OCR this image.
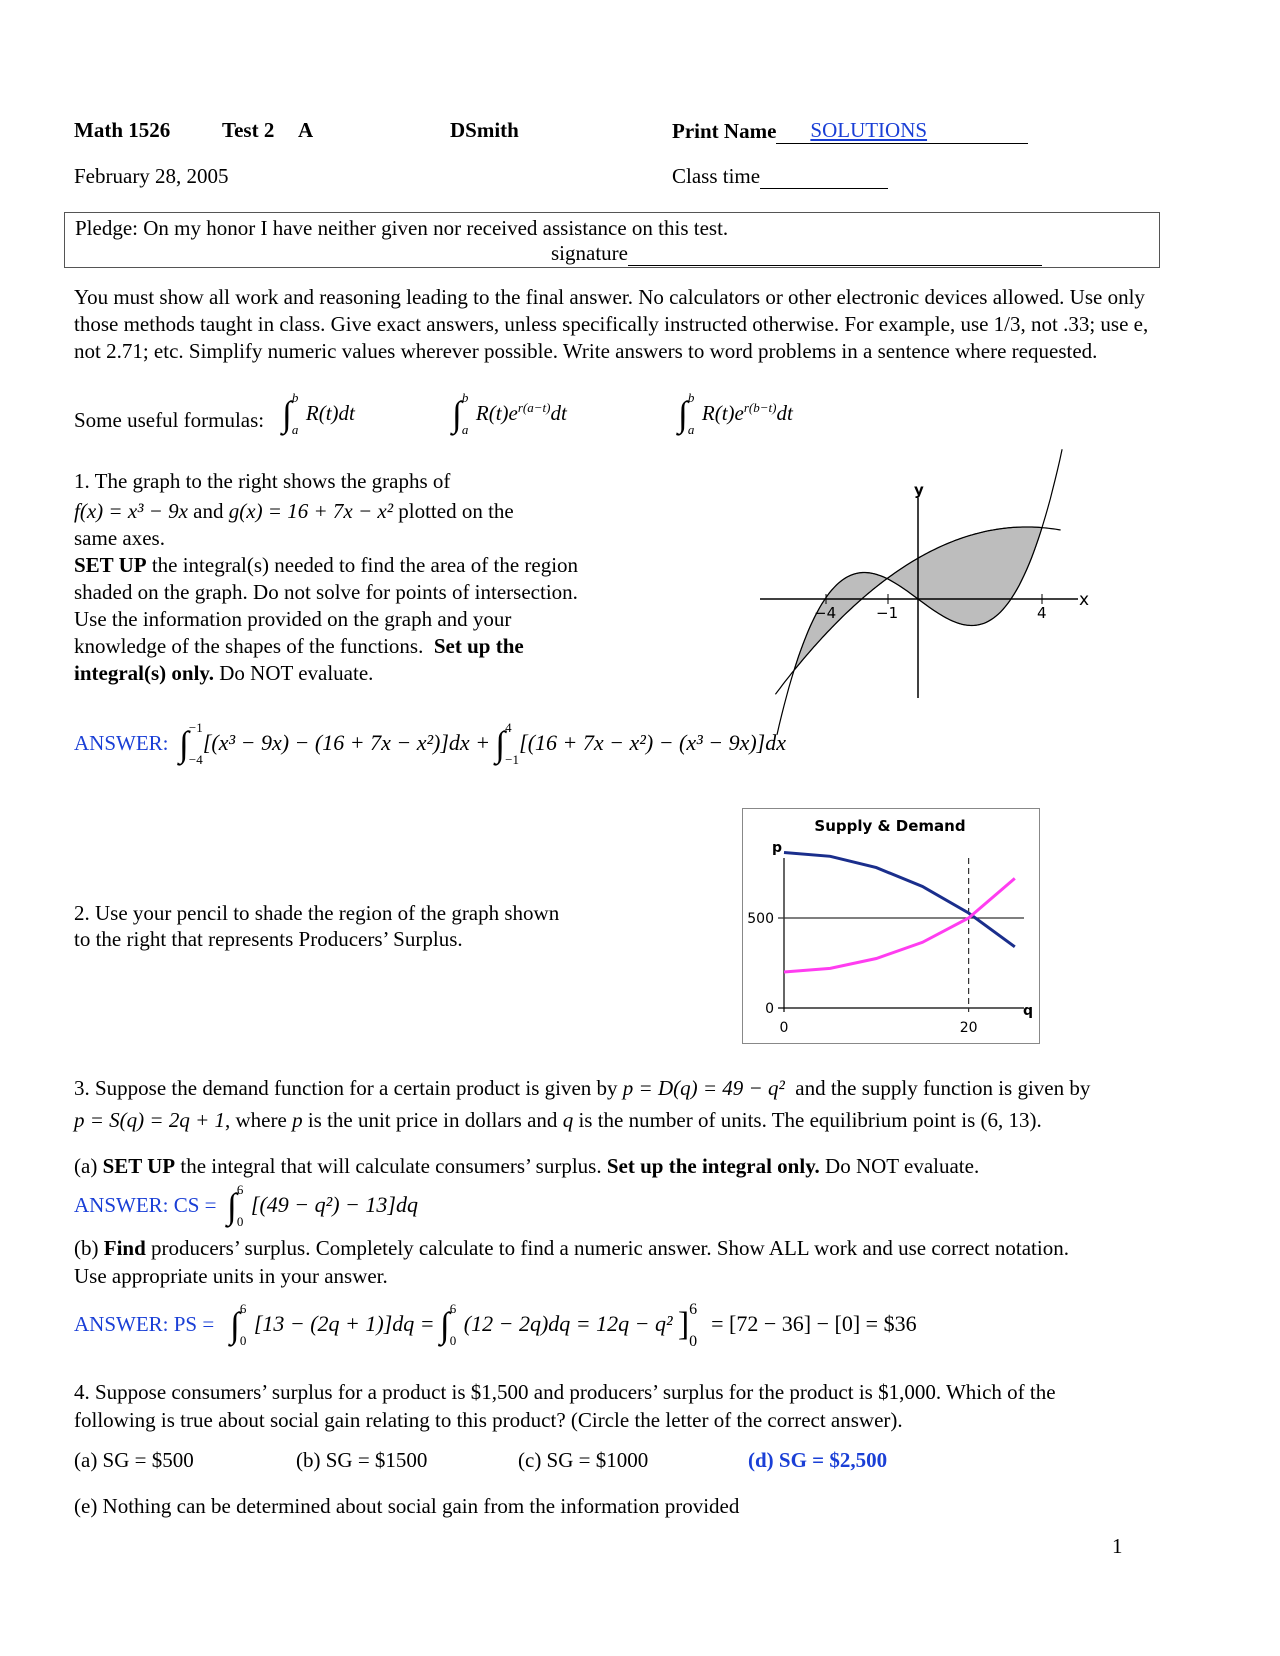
Math 1526 Test 2 A	DSmith	Print Name SOLUTIONS
February 28, 2005	Class time
Pledge: On my honor I have neither given nor received assistance on this test.
signature
You must show all work and reasoning leading to the final answer. No calculators or other electronic devices allowed. Use only those methods taught in class. Give exact answers, unless specifically instructed otherwise. For example, use 1/3, not .33; use e, not 2.71; etc. Simplify numeric values wherever possible. Write answers to word problems in a sentence where requested.
Some useful formulas: ∫ b
a
R(t)dt	∫ b
a
$R(t)e^{r(a-t)}dt$	∫ b
a
$R(t)e^{r(b-t)}dt$
1. The graph to the right shows the graphs of
f(x) = x³ − 9x and g(x) = 16 + 7x − x² plotted on the
same axes.
SET UP the integral(s) needed to find the area of the region
shaded on the graph. Do not solve for points of intersection.
Use the information provided on the graph and your
knowledge of the shapes of the functions. Set up the
integral(s) only. Do NOT evaluate.
y
x
−4	−1	4
ANSWER: ∫ −1
−4
[(x³ − 9x) − (16 + 7x − x²)]dx + ∫ 4
−1
[(16 + 7x − x²) − (x³ − 9x)]dx
2. Use your pencil to shade the region of the graph shown
to the right that represents Producers’ Surplus.
Supply & Demand
p
q
500
0
0	20
3. Suppose the demand function for a certain product is given by p = D(q) = 49 − q² and the supply function is given by
p = S(q) = 2q + 1, where p is the unit price in dollars and q is the number of units. The equilibrium point is (6, 13).
(a) SET UP the integral that will calculate consumers’ surplus. Set up the integral only. Do NOT evaluate.
ANSWER: CS = ∫ 6
0
[(49 − q²) − 13]dq
(b) Find producers’ surplus. Completely calculate to find a numeric answer. Show ALL work and use correct notation.
Use appropriate units in your answer.
ANSWER: PS = ∫ 6
0
[13 − (2q + 1)]dq = ∫ 6
0
(12 − 2q)dq = 12q − q² ] 6
0
= [72 − 36] − [0] = $36
4. Suppose consumers’ surplus for a product is $1,500 and producers’ surplus for the product is $1,000. Which of the
following is true about social gain relating to this product? (Circle the letter of the correct answer).
(a) SG = $500	(b) SG = $1500	(c) SG = $1000	(d) SG = $2,500
(e) Nothing can be determined about social gain from the information provided
1
